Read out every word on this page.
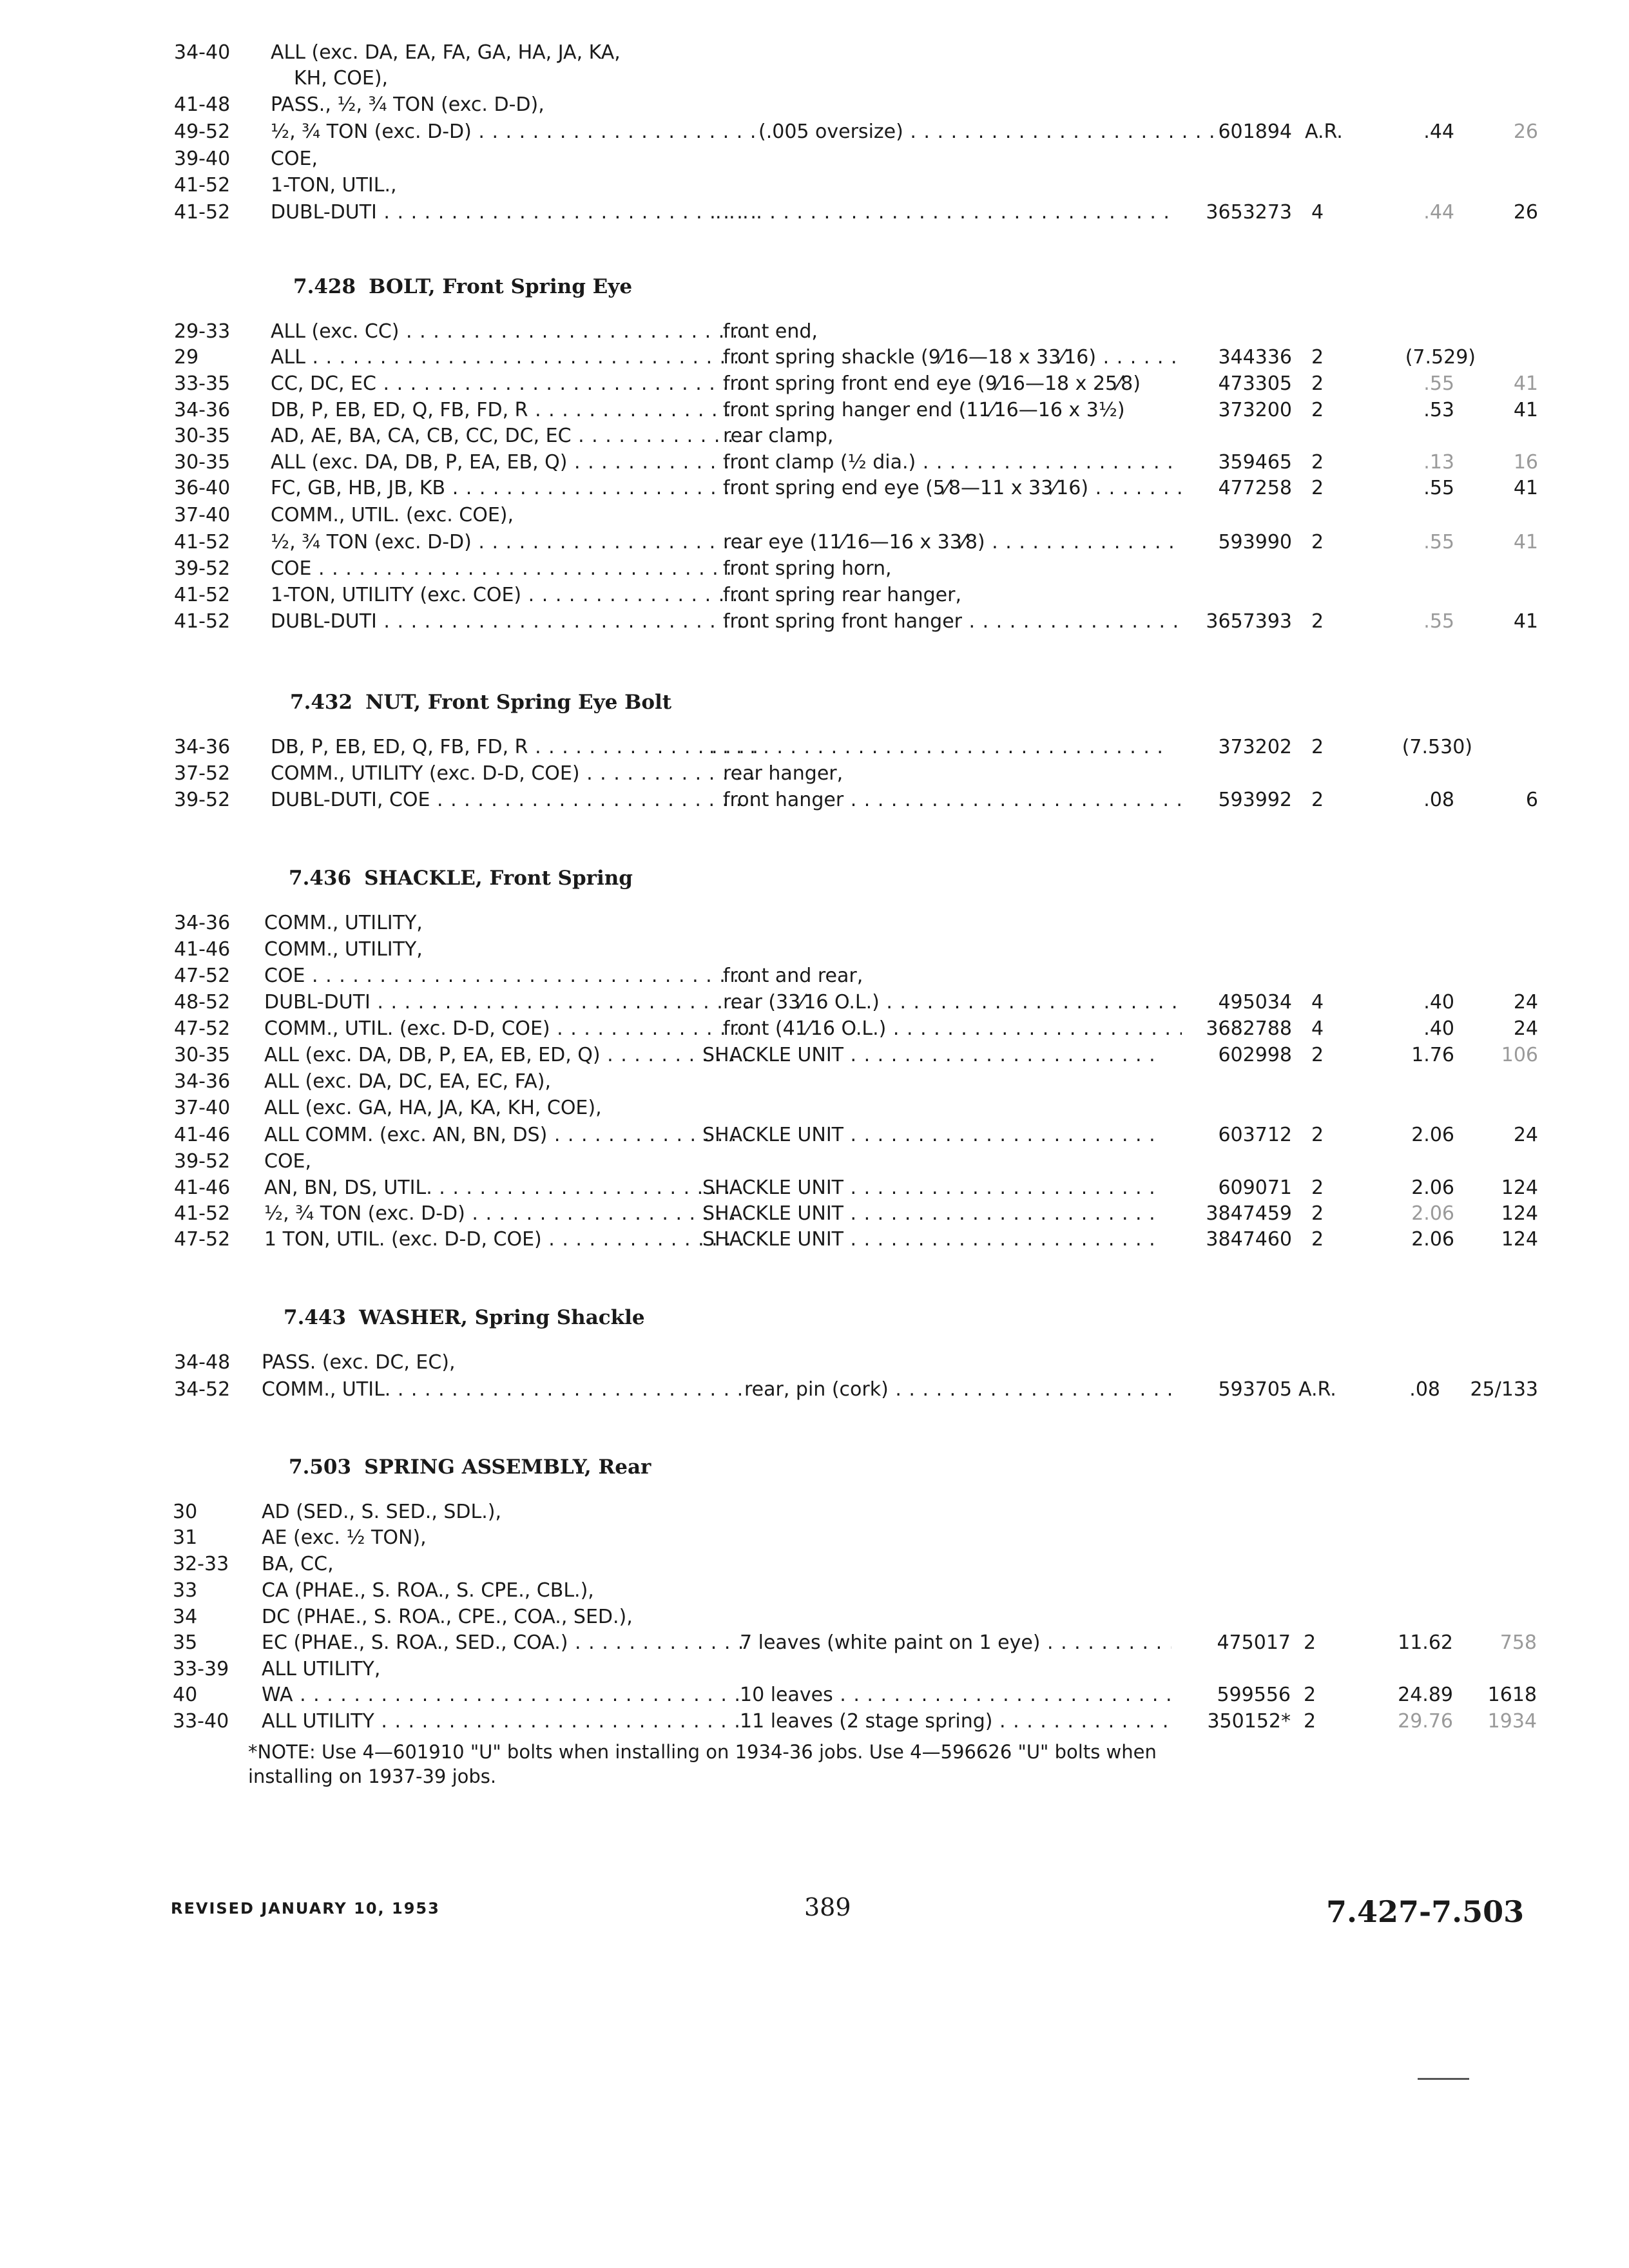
34-40	ALL (exc. DA, EA, FA, GA, HA, JA, KA,
KH, COE),
41-48	PASS., ½, ¾ TON (exc. D-D),
49-52	½, ¾ TON (exc. D-D) . . .	(.005 oversize) . . .	601894 A.R.	.44	26
39-40	COE,
41-52	1-TON, UTIL.,
41-52	DUBL-DUTI . . . . . .	3653273 4	.44	26
7.428 BOLT, Front Spring Eye
29-33	ALL (exc. CC) . . .	front end,
29	ALL . . .	front spring shackle (9⁄16—18 x 33⁄16) . . .	344336 2	(7.529)
33-35	CC, DC, EC . . .	front spring front end eye (9⁄16—18 x 25⁄8)	473305 2	.55	41
34-36	DB, P, EB, ED, Q, FB, FD, R . . .	front spring hanger end (11⁄16—16 x 3½)	373200 2	.53	41
30-35	AD, AE, BA, CA, CB, CC, DC, EC . . .	rear clamp,
30-35	ALL (exc. DA, DB, P, EA, EB, Q) . . .	front clamp (½ dia.) . . .	359465 2	.13	16
36-40	FC, GB, HB, JB, KB . . .	front spring end eye (5⁄8—11 x 33⁄16) . . .	477258 2	.55	41
37-40	COMM., UTIL. (exc. COE),
41-52	½, ¾ TON (exc. D-D) . . .	rear eye (11⁄16—16 x 33⁄8) . . .	593990 2	.55	41
39-52	COE . . .	front spring horn,
41-52	1-TON, UTILITY (exc. COE) . . .	front spring rear hanger,
41-52	DUBL-DUTI . . .	front spring front hanger . . .	3657393 2	.55	41
7.432 NUT, Front Spring Eye Bolt
34-36	DB, P, EB, ED, Q, FB, FD, R . . . . . .	373202 2	(7.530)
37-52	COMM., UTILITY (exc. D-D, COE) . . .	rear hanger,
39-52	DUBL-DUTI, COE . . .	front hanger . . .	593992 2	.08	6
7.436 SHACKLE, Front Spring
34-36	COMM., UTILITY,
41-46	COMM., UTILITY,
47-52	COE . . .	front and rear,
48-52	DUBL-DUTI . . .	rear (33⁄16 O.L.) . . .	495034 4	.40	24
47-52	COMM., UTIL. (exc. D-D, COE) . . .	front (41⁄16 O.L.) . . .	3682788 4	.40	24
30-35	ALL (exc. DA, DB, P, EA, EB, ED, Q) . . .	SHACKLE UNIT . . .	602998 2	1.76	106
34-36	ALL (exc. DA, DC, EA, EC, FA),
37-40	ALL (exc. GA, HA, JA, KA, KH, COE),
41-46	ALL COMM. (exc. AN, BN, DS) . . .	SHACKLE UNIT . . .	603712 2	2.06	24
39-52	COE,
41-46	AN, BN, DS, UTIL. . . .	SHACKLE UNIT . . .	609071 2	2.06	124
41-52	½, ¾ TON (exc. D-D) . . .	SHACKLE UNIT . . .	3847459 2	2.06	124
47-52	1 TON, UTIL. (exc. D-D, COE) . . .	SHACKLE UNIT . . .	3847460 2	2.06	124
7.443 WASHER, Spring Shackle
34-48	PASS. (exc. DC, EC),
34-52	COMM., UTIL. . . .	rear, pin (cork) . . .	593705 A.R.	.08	25/133
7.503 SPRING ASSEMBLY, Rear
30	AD (SED., S. SED., SDL.),
31	AE (exc. ½ TON),
32-33	BA, CC,
33	CA (PHAE., S. ROA., S. CPE., CBL.),
34	DC (PHAE., S. ROA., CPE., COA., SED.),
35	EC (PHAE., S. ROA., SED., COA.) . . .	7 leaves (white paint on 1 eye) . . .	475017 2	11.62	758
33-39	ALL UTILITY,
40	WA . . .	10 leaves . . .	599556 2	24.89	1618
33-40	ALL UTILITY . . .	11 leaves (2 stage spring) . . .	350152* 2	29.76	1934
*NOTE: Use 4—601910 "U" bolts when installing on 1934-36 jobs. Use 4—596626 "U" bolts when installing on 1937-39 jobs.
REVISED JANUARY 10, 1953	389	7.427-7.503
